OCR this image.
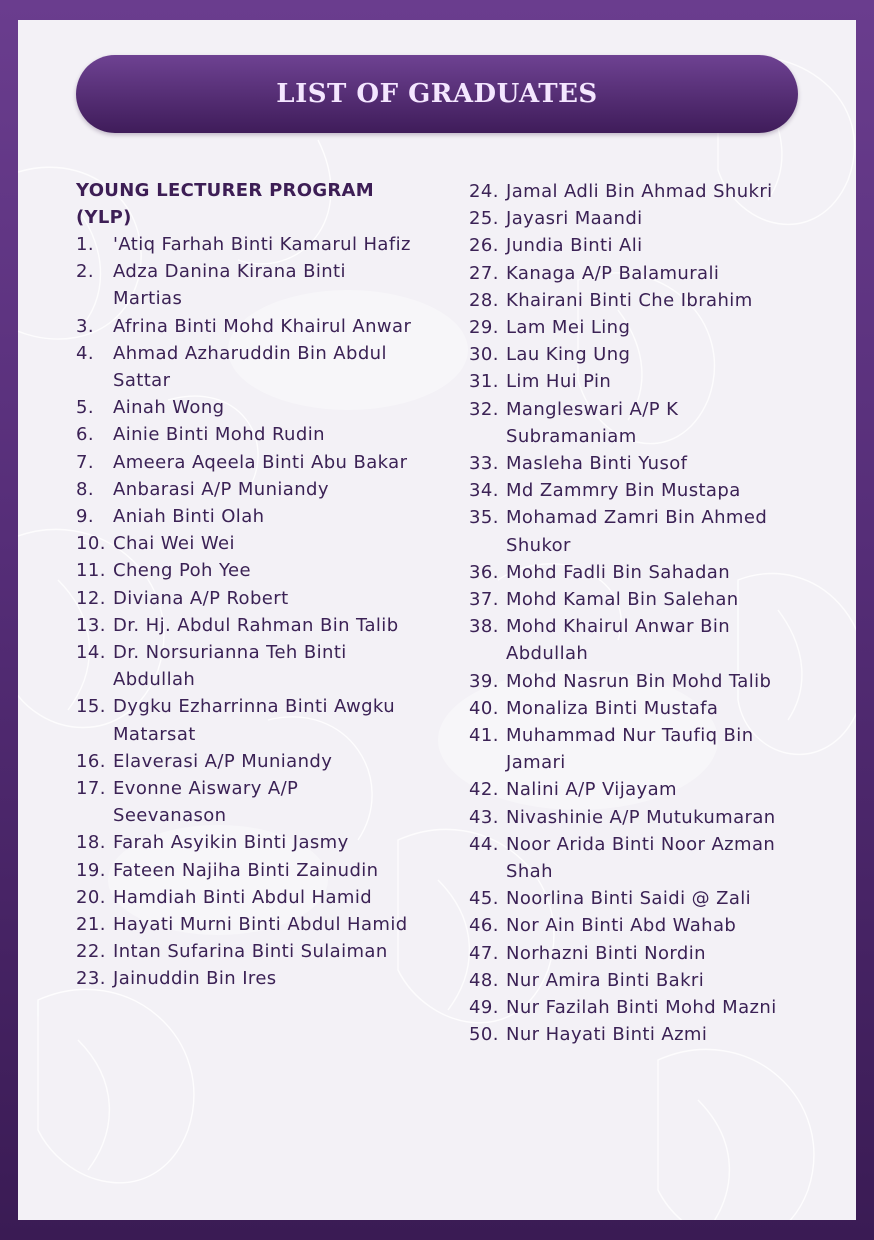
LIST OF GRADUATES
YOUNG LECTURER PROGRAM (YLP)
1.	'Atiq Farhah Binti Kamarul Hafiz
2.	Adza Danina Kirana Binti Martias
3.	Afrina Binti Mohd Khairul Anwar
4.	Ahmad Azharuddin Bin Abdul Sattar
5.	Ainah Wong
6.	Ainie Binti Mohd Rudin
7.	Ameera Aqeela Binti Abu Bakar
8.	Anbarasi A/P Muniandy
9.	Aniah Binti Olah
10. Chai Wei Wei
11. Cheng Poh Yee
12. Diviana A/P Robert
13. Dr. Hj. Abdul Rahman Bin Talib
14. Dr. Norsurianna Teh Binti Abdullah
15. Dygku Ezharrinna Binti Awgku Matarsat
16. Elaverasi A/P Muniandy
17. Evonne Aiswary A/P Seevanason
18. Farah Asyikin Binti Jasmy
19. Fateen Najiha Binti Zainudin
20. Hamdiah Binti Abdul Hamid
21. Hayati Murni Binti Abdul Hamid
22. Intan Sufarina Binti Sulaiman
23. Jainuddin Bin Ires
24. Jamal Adli Bin Ahmad Shukri
25. Jayasri Maandi
26. Jundia Binti Ali
27. Kanaga A/P Balamurali
28. Khairani Binti Che Ibrahim
29. Lam Mei Ling
30. Lau King Ung
31. Lim Hui Pin
32. Mangleswari A/P K Subramaniam
33. Masleha Binti Yusof
34. Md Zammry Bin Mustapa
35. Mohamad Zamri Bin Ahmed Shukor
36. Mohd Fadli Bin Sahadan
37. Mohd Kamal Bin Salehan
38. Mohd Khairul Anwar Bin Abdullah
39. Mohd Nasrun Bin Mohd Talib
40. Monaliza Binti Mustafa
41. Muhammad Nur Taufiq Bin Jamari
42. Nalini A/P Vijayam
43. Nivashinie A/P Mutukumaran
44. Noor Arida Binti Noor Azman Shah
45. Noorlina Binti Saidi @ Zali
46. Nor Ain Binti Abd Wahab
47. Norhazni Binti Nordin
48. Nur Amira Binti Bakri
49. Nur Fazilah Binti Mohd Mazni
50. Nur Hayati Binti Azmi
